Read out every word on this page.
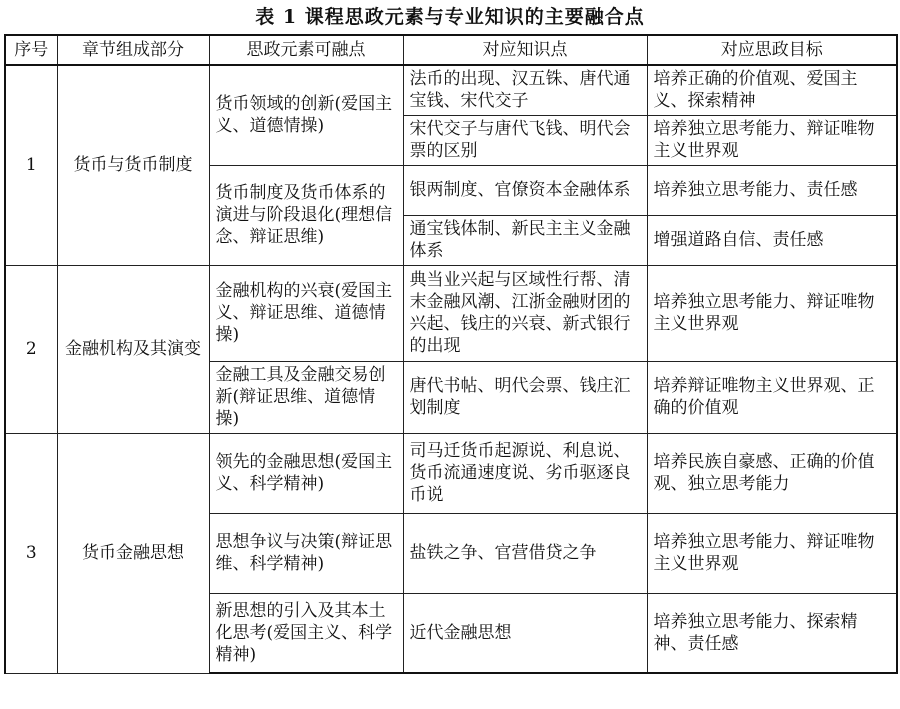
表 1 课程思政元素与专业知识的主要融合点
序号	章节组成部分	思政元素可融点	对应知识点	对应思政目标
1	货币与货币制度	货币领域的创新(爱国主义、道德情操)	法币的出现、汉五铢、唐代通宝钱、宋代交子	培养正确的价值观、爱国主义、探索精神
			宋代交子与唐代飞钱、明代会票的区别	培养独立思考能力、辩证唯物主义世界观
		货币制度及货币体系的演进与阶段退化(理想信念、辩证思维)	银两制度、官僚资本金融体系	培养独立思考能力、责任感
			通宝钱体制、新民主主义金融体系	增强道路自信、责任感
2	金融机构及其演变	金融机构的兴衰(爱国主义、辩证思维、道德情操)	典当业兴起与区域性行帮、清末金融风潮、江浙金融财团的兴起、钱庄的兴衰、新式银行的出现	培养独立思考能力、辩证唯物主义世界观
		金融工具及金融交易创新(辩证思维、道德情操)	唐代书帖、明代会票、钱庄汇划制度	培养辩证唯物主义世界观、正确的价值观
3	货币金融思想	领先的金融思想(爱国主义、科学精神)	司马迁货币起源说、利息说、货币流通速度说、劣币驱逐良币说	培养民族自豪感、正确的价值观、独立思考能力
		思想争议与决策(辩证思维、科学精神)	盐铁之争、官营借贷之争	培养独立思考能力、辩证唯物主义世界观
		新思想的引入及其本土化思考(爱国主义、科学精神)	近代金融思想	培养独立思考能力、探索精神、责任感
